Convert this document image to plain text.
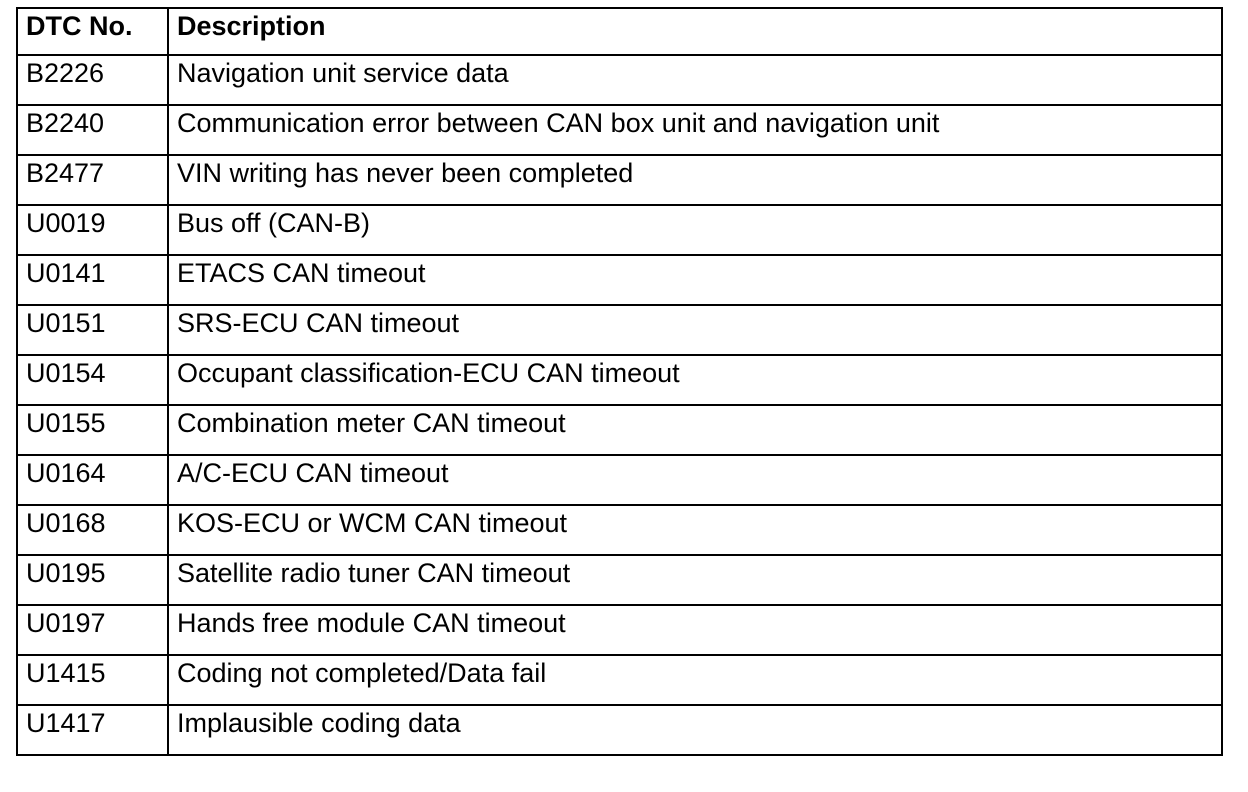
DTC No.	Description
B2226	Navigation unit service data
B2240	Communication error between CAN box unit and navigation unit
B2477	VIN writing has never been completed
U0019	Bus off (CAN-B)
U0141	ETACS CAN timeout
U0151	SRS-ECU CAN timeout
U0154	Occupant classification-ECU CAN timeout
U0155	Combination meter CAN timeout
U0164	A/C-ECU CAN timeout
U0168	KOS-ECU or WCM CAN timeout
U0195	Satellite radio tuner CAN timeout
U0197	Hands free module CAN timeout
U1415	Coding not completed/Data fail
U1417	Implausible coding data
